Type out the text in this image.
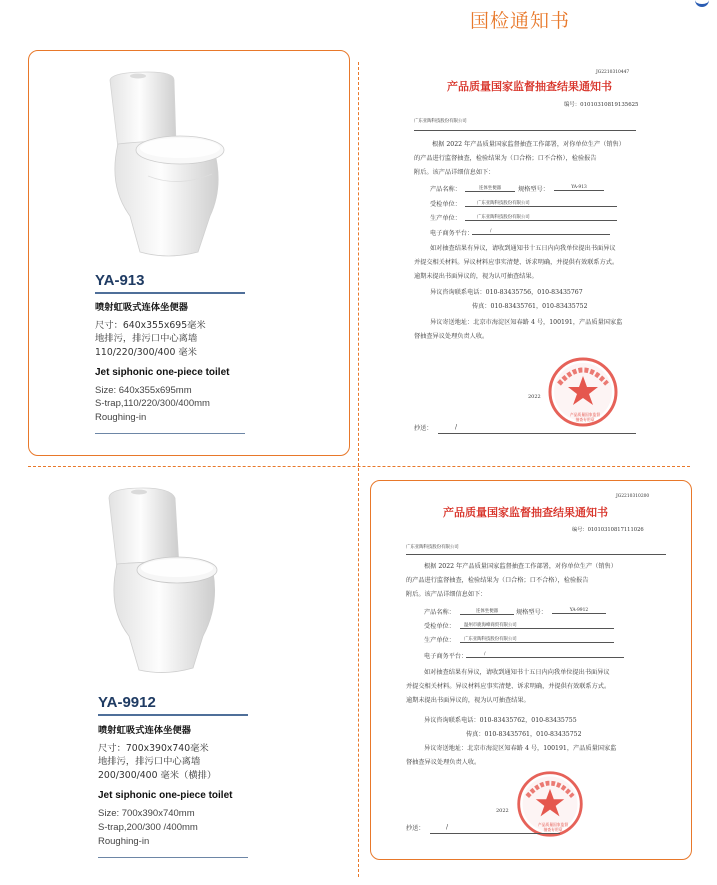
国检通知书
YA-913
喷射虹吸式连体坐便器
尺寸：640x355x695毫米
地排污，排污口中心离墙
110/220/300/400 毫米
Jet siphonic one-piece toilet
Size: 640x355x695mm
S-trap,110/220/300/400mm
Roughing-in
JG2210310447
产品质量国家监督抽查结果通知书
编号：01010310819135625
广东亚陶科技股份有限公司
根据 2022 年产品质量国家监督抽查工作部署，对你单位生产（销售）
的产品进行监督抽查，检验结果为（口合格；口不合格），检验报告
附后。该产品详细信息如下：
产品名称：	连体坐便器	规格型号：	YA-913
受检单位：	广东亚陶科技股份有限公司
生产单位：	广东亚陶科技股份有限公司
电子商务平台：	/
如对抽查结果有异议，请收到通知书十五日内向我单位提出书面异议
并提交相关材料。异议材料应事实清楚、诉求明确，并提供有效联系方式。
逾期未提出书面异议的，视为认可抽查结果。
异议咨询联系电话：010-83435756，010-83435767
传真：010-83435761，010-83435752
异议寄送地址：北京市海淀区知春路 4 号，100191，产品质量国家监
督抽查异议处理负责人收。
产品质量国家监督抽查专用章
2022
抄送：	/
YA-9912
喷射虹吸式连体坐便器
尺寸：700x390x740毫米
地排污，排污口中心离墙
200/300/400 毫米（横排）
Jet siphonic one-piece toilet
Size: 700x390x740mm
S-trap,200/300 /400mm
Roughing-in
JG2210310200
产品质量国家监督抽查结果通知书
编号：01010310817111026
广东亚陶科技股份有限公司
根据 2022 年产品质量国家监督抽查工作部署，对你单位生产（销售）
的产品进行监督抽查，检验结果为（口合格；口不合格），检验报告
附后。该产品详细信息如下：
产品名称：	连体坐便器	规格型号：	YA-9912
受检单位：	温州市鹿海峰商贸有限公司
生产单位：	广东亚陶科技股份有限公司
电子商务平台：	/
如对抽查结果有异议，请收到通知书十五日内向我单位提出书面异议
并提交相关材料。异议材料应事实清楚、诉求明确，并提供有效联系方式。
逾期未提出书面异议的，视为认可抽查结果。
异议咨询联系电话：010-83435762，010-83435755
传真：010-83435761，010-83435752
异议寄送地址：北京市海淀区知春路 4 号，100191，产品质量国家监
督抽查异议处理负责人收。
产品质量国家监督抽查专用章
2022
抄送：	/
